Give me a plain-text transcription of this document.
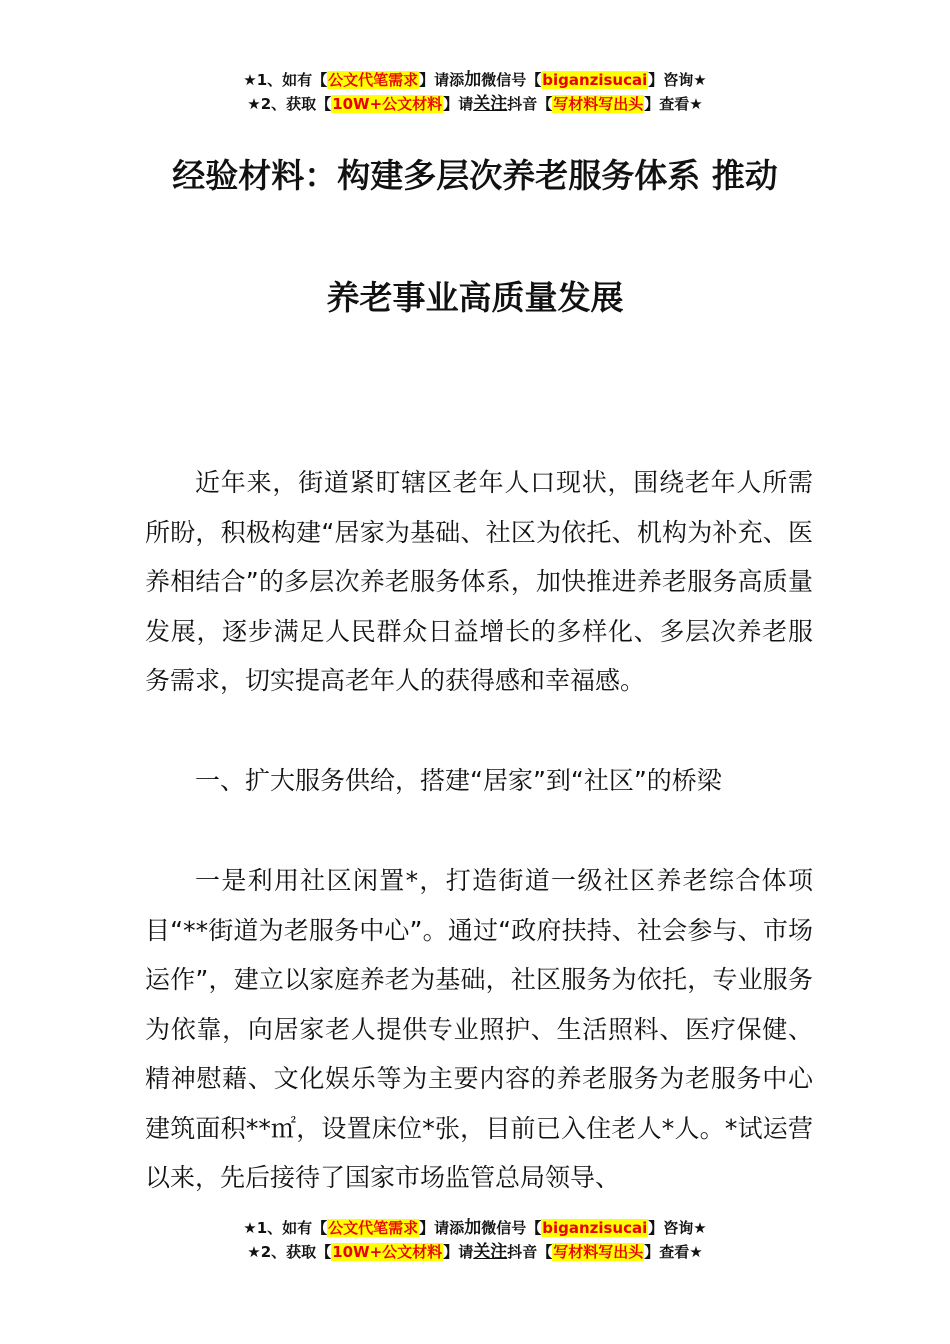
★1、如有【公文代笔需求】请添加微信号【biganzisucai】咨询★
★2、获取【10W+公文材料】请关注抖音【写材料写出头】查看★
经验材料：构建多层次养老服务体系 推动
养老事业高质量发展

近年来，街道紧盯辖区老年人口现状，围绕老年人所需所盼，积极构建“居家为基础、社区为依托、机构为补充、医养相结合”的多层次养老服务体系，加快推进养老服务高质量发展，逐步满足人民群众日益增长的多样化、多层次养老服务需求，切实提高老年人的获得感和幸福感。

一、扩大服务供给，搭建“居家”到“社区”的桥梁

一是利用社区闲置*，打造街道一级社区养老综合体项目“**街道为老服务中心”。通过“政府扶持、社会参与、市场运作”，建立以家庭养老为基础，社区服务为依托，专业服务为依靠，向居家老人提供专业照护、生活照料、医疗保健、精神慰藉、文化娱乐等为主要内容的养老服务为老服务中心建筑面积**㎡，设置床位*张，目前已入住老人*人。*试运营以来，先后接待了国家市场监管总局领导、

★1、如有【公文代笔需求】请添加微信号【biganzisucai】咨询★
★2、获取【10W+公文材料】请关注抖音【写材料写出头】查看★
